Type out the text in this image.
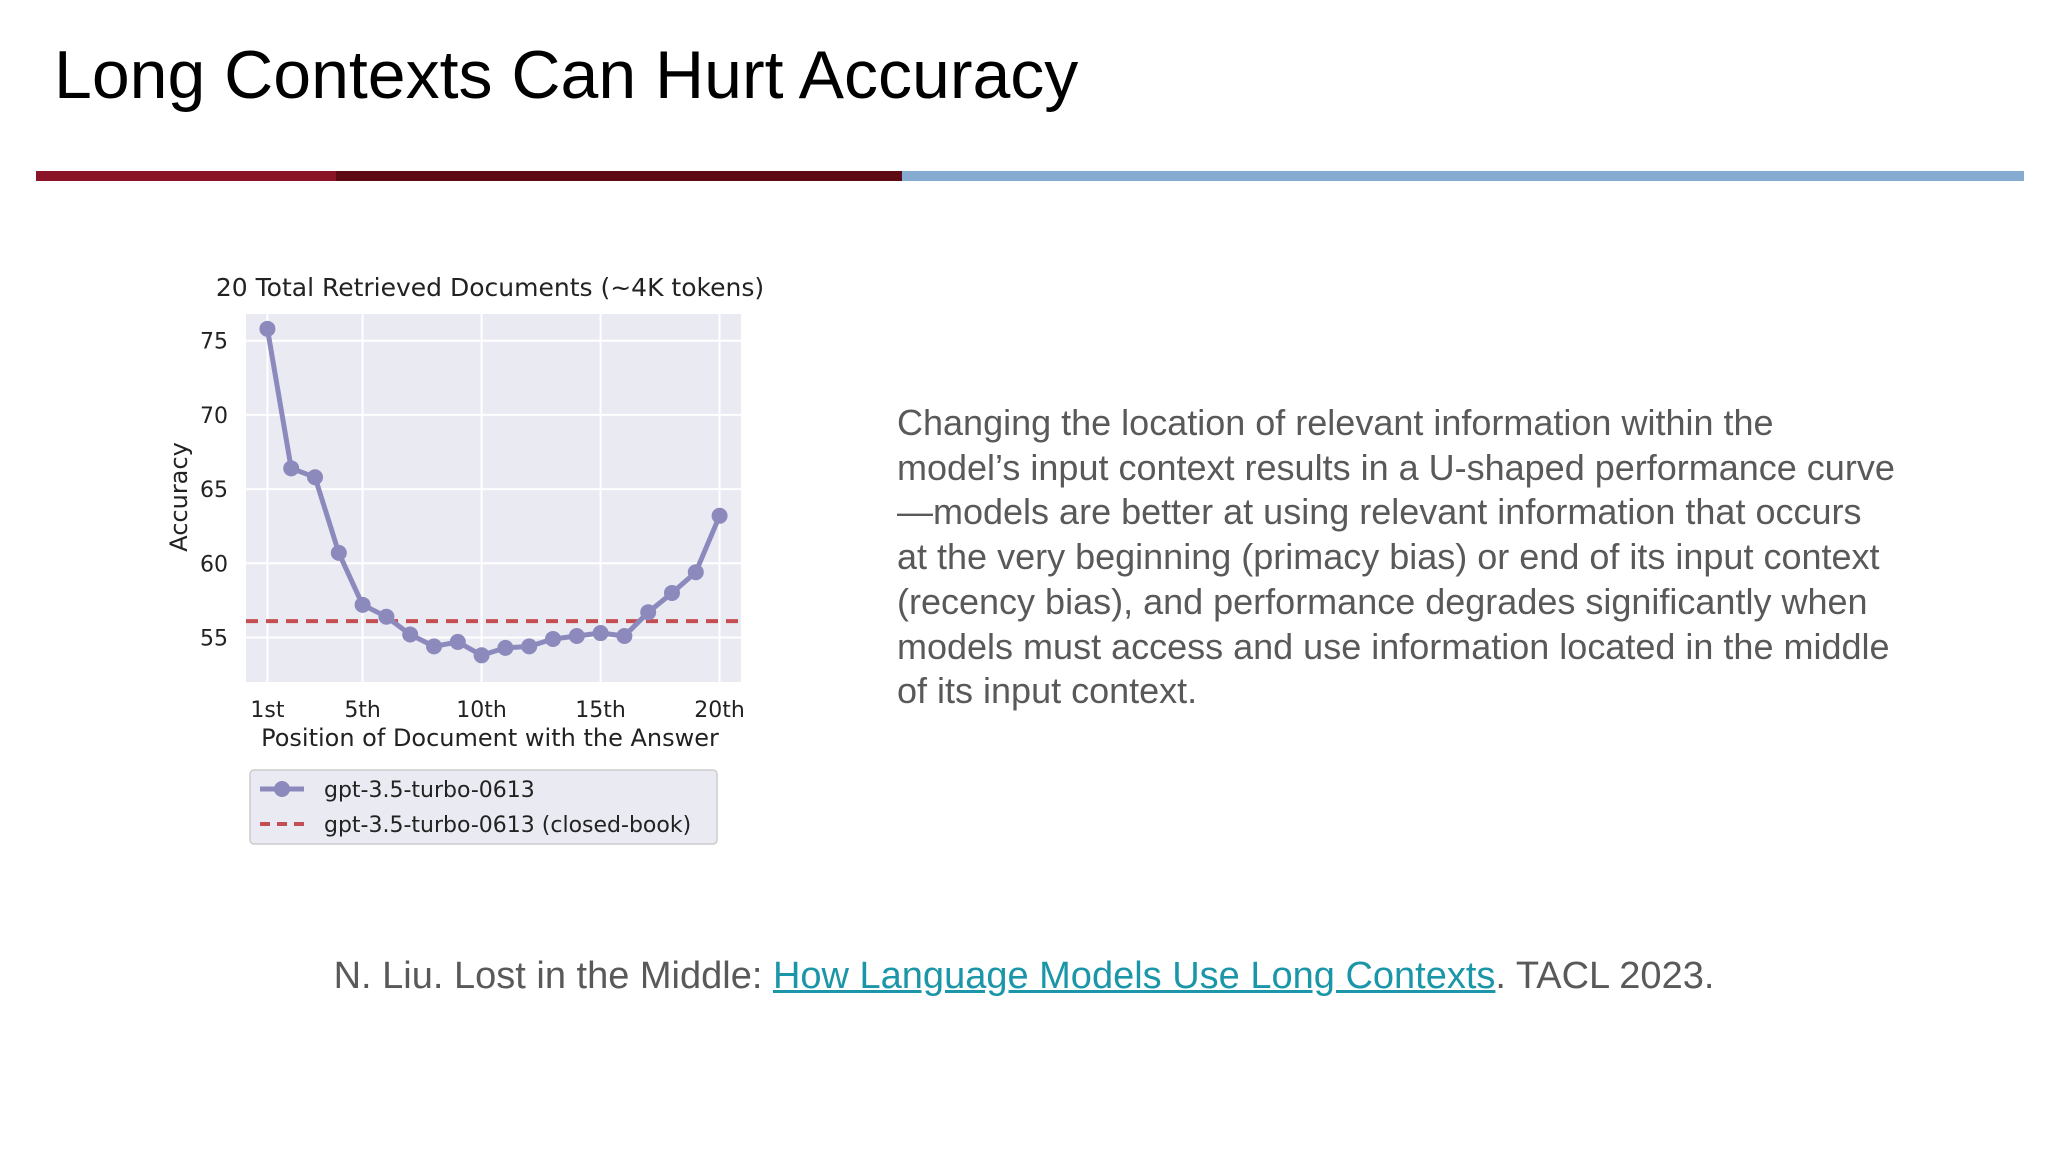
Long Contexts Can Hurt Accuracy
55
60
65
70
75
1st	5th	10th	15th	20th
20 Total Retrieved Documents (~4K tokens)
Position of Document with the Answer
Accuracy
gpt-3.5-turbo-0613
gpt-3.5-turbo-0613 (closed-book)

Changing the location of relevant information within the model’s input context results in a U-shaped performance curve—models are better at using relevant information that occurs at the very beginning (primacy bias) or end of its input context (recency bias), and performance degrades significantly when models must access and use information located in the middle of its input context.

N. Liu. Lost in the Middle: How Language Models Use Long Contexts. TACL 2023.
